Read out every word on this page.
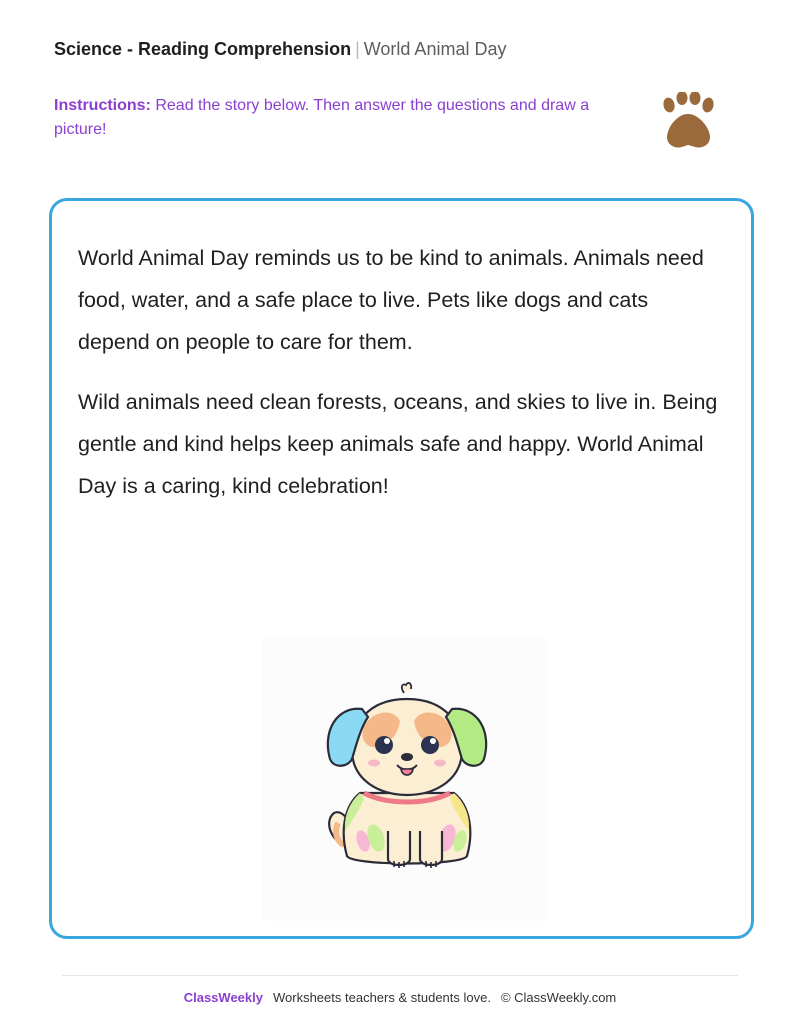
Science - Reading Comprehension | World Animal Day
Instructions: Read the story below. Then answer the questions and draw a picture!

World Animal Day reminds us to be kind to animals. Animals need food, water, and a safe place to live. Pets like dogs and cats depend on people to care for them.

Wild animals need clean forests, oceans, and skies to live in. Being gentle and kind helps keep animals safe and happy. World Animal Day is a caring, kind celebration!

ClassWeekly Worksheets teachers & students love. © ClassWeekly.com
